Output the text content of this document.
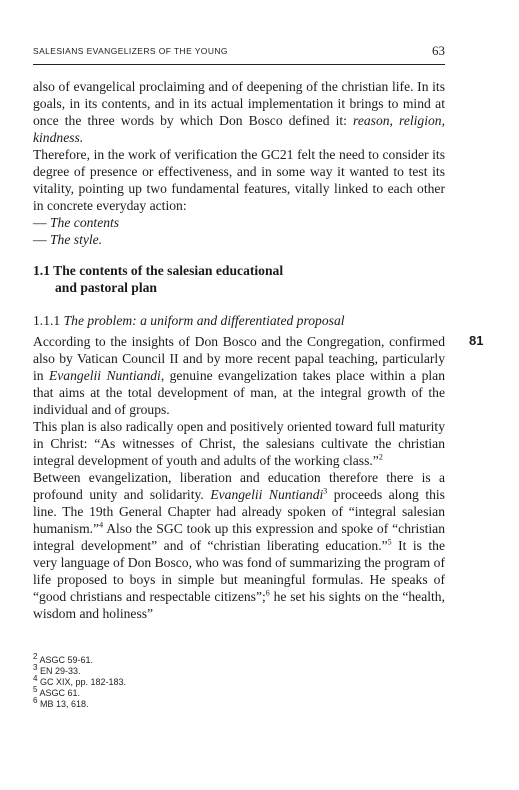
SALESIANS EVANGELIZERS OF THE YOUNG	63

also of evangelical proclaiming and of deepening of the christian life. In its goals, in its contents, and in its actual implementation it brings to mind at once the three words by which Don Bosco defined it: reason, religion, kindness.

Therefore, in the work of verification the GC21 felt the need to consider its degree of presence or effectiveness, and in some way it wanted to test its vitality, pointing up two fundamental features, vitally linked to each other in concrete everyday action:

— The contents

— The style.

1.1 The contents of the salesian educational
and pastoral plan
1.1.1 The problem: a uniform and differentiated proposal
81

According to the insights of Don Bosco and the Congregation, confirmed also by Vatican Council II and by more recent papal teaching, particularly in Evangelii Nuntiandi, genuine evangelization takes place within a plan that aims at the total development of man, at the integral growth of the individual and of groups.

This plan is also radically open and positively oriented toward full maturity in Christ: “As witnesses of Christ, the salesians cultivate the christian integral development of youth and adults of the working class.”$^2$

Between evangelization, liberation and education therefore there is a profound unity and solidarity. Evangelii Nuntiandi$^3$ proceeds along this line. The 19th General Chapter had already spoken of “integral salesian humanism.”$^4$ Also the SGC took up this expression and spoke of “christian integral development” and of “christian liberating education.”$^5$ It is the very language of Don Bosco, who was fond of summarizing the program of life proposed to boys in simple but meaningful formulas. He speaks of “good christians and respectable citizens”;$^6$ he set his sights on the “health, wisdom and holiness”

$^2$ ASGC 59-61.
$^3$ EN 29-33.
$^4$ GC XIX, pp. 182-183.
$^5$ ASGC 61.
$^6$ MB 13, 618.
